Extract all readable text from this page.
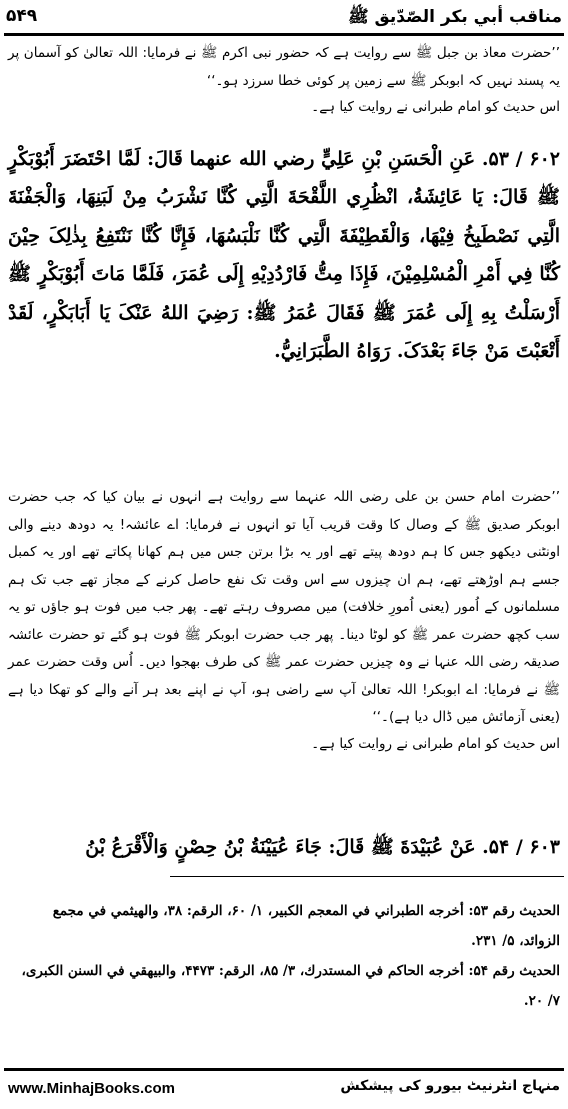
مناقب أبي بكر الصّدّيق ﷺ
۵۴۹

’’حضرت معاذ بن جبل ﷺ سے روایت ہے کہ حضور نبی اکرم ﷺ نے فرمایا: اللہ تعالیٰ کو آسمان پر یہ پسند نہیں کہ ابوبکر ﷺ سے زمین پر کوئی خطا سرزد ہو۔‘‘

اس حدیث کو امام طبرانی نے روایت کیا ہے۔

۶۰۲ / ۵۳. عَنِ الْحَسَنِ بْنِ عَلِيٍّ رضي الله عنهما قَالَ: لَمَّا احْتَضَرَ أَبُوْبَكْرٍ ﷺ قَالَ: يَا عَائِشَةُ، انْظُرِي اللَّقْحَةَ الَّتِي كُنَّا نَشْرَبُ مِنْ لَبَنِهَا، وَالْجَفْنَةَ الَّتِي نَصْطَبِخُ فِيْهَا، وَالْقَطِيْفَةَ الَّتِي كُنَّا نَلْبَسُهَا، فَإِنَّا كُنَّا نَنْتَفِعُ بِذٰلِکَ حِيْنَ كُنَّا فِي أَمْرِ الْمُسْلِمِيْنَ، فَإِذَا مِتُّ فَارْدُدِيْهِ إِلَى عُمَرَ، فَلَمَّا مَاتَ أَبُوْبَكْرٍ ﷺ أَرْسَلْتُ بِهِ إِلَى عُمَرَ ﷺ فَقَالَ عُمَرُ ﷺ: رَضِيَ اللهُ عَنْکَ يَا أَبَابَكْرٍ، لَقَدْ أَتْعَبْتَ مَنْ جَاءَ بَعْدَکَ. رَوَاهُ الطَّبَرَانِيُّ.

’’حضرت امام حسن بن علی رضی اللہ عنہما سے روایت ہے انہوں نے بیان کیا کہ جب حضرت ابوبکر صدیق ﷺ کے وصال کا وقت قریب آیا تو انہوں نے فرمایا: اے عائشہ! یہ دودھ دینے والی اونٹنی دیکھو جس کا ہم دودھ پیتے تھے اور یہ بڑا برتن جس میں ہم کھانا پکاتے تھے اور یہ کمبل جسے ہم اوڑھتے تھے، ہم ان چیزوں سے اس وقت تک نفع حاصل کرنے کے مجاز تھے جب تک ہم مسلمانوں کے اُمور (یعنی اُمورِ خلافت) میں مصروف رہتے تھے۔ پھر جب میں فوت ہو جاؤں تو یہ سب کچھ حضرت عمر ﷺ کو لوٹا دینا۔ پھر جب حضرت ابوبکر ﷺ فوت ہو گئے تو حضرت عائشہ صدیقہ رضی اللہ عنہا نے وہ چیزیں حضرت عمر ﷺ کی طرف بھجوا دیں۔ اُس وقت حضرت عمر ﷺ نے فرمایا: اے ابوبکر! اللہ تعالیٰ آپ سے راضی ہو، آپ نے اپنے بعد ہر آنے والے کو تھکا دیا ہے (یعنی آزمائش میں ڈال دیا ہے)۔‘‘

اس حدیث کو امام طبرانی نے روایت کیا ہے۔

۶۰۳ / ۵۴. عَنْ عُبَيْدَةَ ﷺ قَالَ: جَاءَ عُيَيْنَةُ بْنُ حِصْنٍ وَالْأَقْرَعُ بْنُ

الحديث رقم ۵۳: أخرجه الطبراني في المعجم الكبير، ۱/ ۶۰، الرقم: ۳۸، والهيثمي في مجمع الزوائد، ۵/ ۲۳۱.

الحديث رقم ۵۴: أخرجه الحاكم في المستدرك، ۳/ ۸۵، الرقم: ۴۴۷۳، والبيهقي في السنن الكبرى، ۷/ ۲۰.

www.MinhajBooks.com	منہاج انٹرنیٹ بیورو کی پیشکش
